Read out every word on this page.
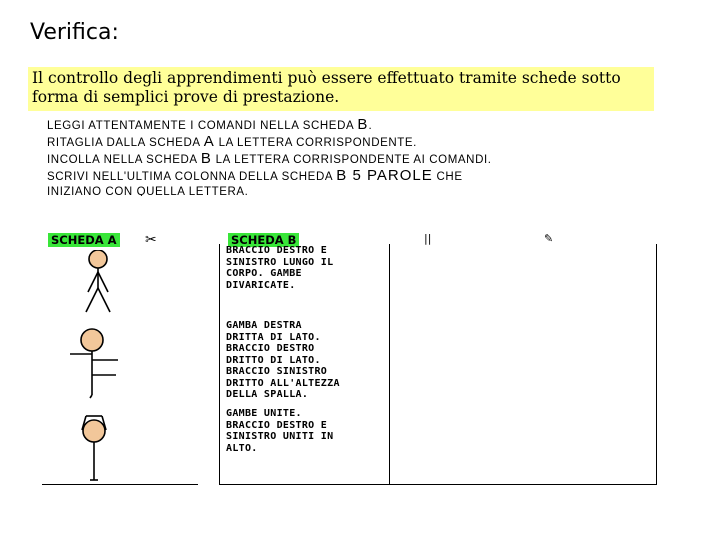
Verifica:
Il controllo degli apprendimenti può essere effettuato tramite schede sotto forma di semplici prove di prestazione.
LEGGI ATTENTAMENTE I COMANDI NELLA SCHEDA B.
RITAGLIA DALLA SCHEDA A LA LETTERA CORRISPONDENTE.
INCOLLA NELLA SCHEDA B LA LETTERA CORRISPONDENTE AI COMANDI.
SCRIVI NELL'ULTIMA COLONNA DELLA SCHEDA B 5 PAROLE CHE
INIZIANO CON QUELLA LETTERA.
SCHEDA A ✂	SCHEDA B	||	✎
BRACCIO DESTRO E
SINISTRO LUNGO IL
CORPO. GAMBE
DIVARICATE.
GAMBA DESTRA
DRITTA DI LATO.
BRACCIO DESTRO
DRITTO DI LATO.
BRACCIO SINISTRO
DRITTO ALL'ALTEZZA
DELLA SPALLA.
GAMBE UNITE.
BRACCIO DESTRO E
SINISTRO UNITI IN
ALTO.
